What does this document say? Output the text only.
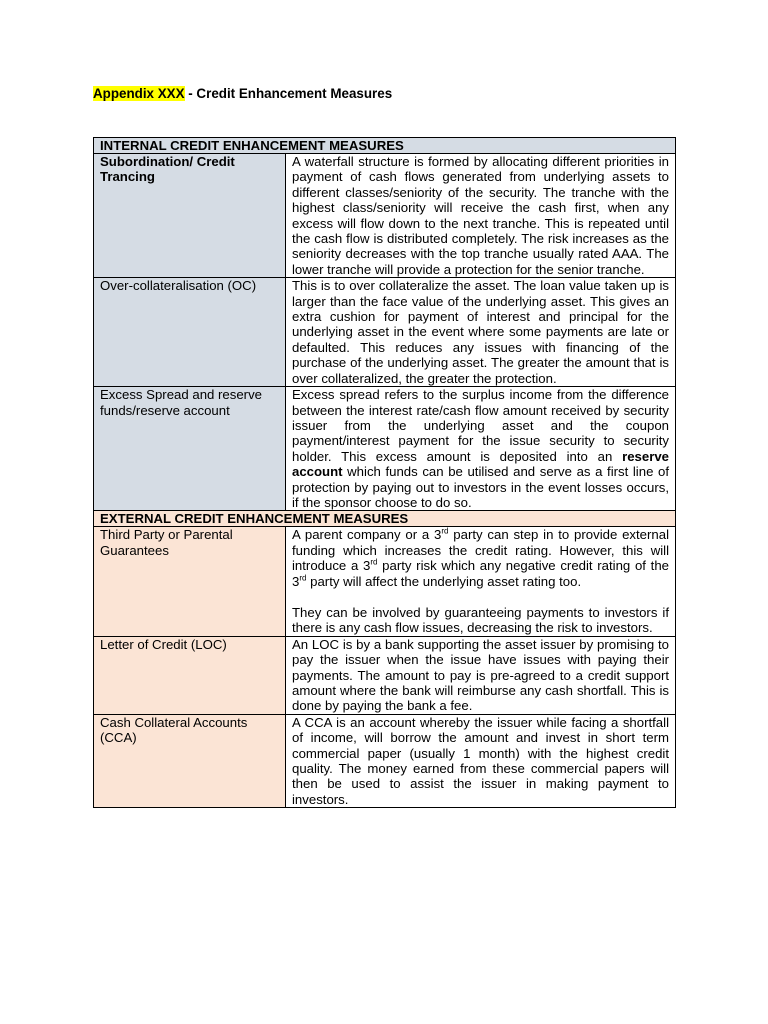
Appendix XXX - Credit Enhancement Measures
INTERNAL CREDIT ENHANCEMENT MEASURES	
Subordination/ Credit Trancing	A waterfall structure is formed by allocating different priorities in payment of cash flows generated from underlying assets to different classes/seniority of the security. The tranche with the highest class/seniority will receive the cash first, when any excess will flow down to the next tranche. This is repeated until the cash flow is distributed completely. The risk increases as the seniority decreases with the top tranche usually rated AAA. The lower tranche will provide a protection for the senior tranche.
Over-collateralisation (OC)	This is to over collateralize the asset. The loan value taken up is larger than the face value of the underlying asset. This gives an extra cushion for payment of interest and principal for the underlying asset in the event where some payments are late or defaulted. This reduces any issues with financing of the purchase of the underlying asset. The greater the amount that is over collateralized, the greater the protection.
Excess Spread and reserve funds/reserve account	Excess spread refers to the surplus income from the difference between the interest rate/cash flow amount received by security issuer from the underlying asset and the coupon payment/interest payment for the issue security to security holder. This excess amount is deposited into an reserve account which funds can be utilised and serve as a first line of protection by paying out to investors in the event losses occurs, if the sponsor choose to do so.
EXTERNAL CREDIT ENHANCEMENT MEASURES	
Third Party or Parental Guarantees	A parent company or a 3rd party can step in to provide external funding which increases the credit rating. However, this will introduce a 3rd party risk which any negative credit rating of the 3rd party will affect the underlying asset rating too.
They can be involved by guaranteeing payments to investors if there is any cash flow issues, decreasing the risk to investors.

Letter of Credit (LOC)	An LOC is by a bank supporting the asset issuer by promising to pay the issuer when the issue have issues with paying their payments. The amount to pay is pre-agreed to a credit support amount where the bank will reimburse any cash shortfall. This is done by paying the bank a fee.
Cash Collateral Accounts (CCA)	A CCA is an account whereby the issuer while facing a shortfall of income, will borrow the amount and invest in short term commercial paper (usually 1 month) with the highest credit quality. The money earned from these commercial papers will then be used to assist the issuer in making payment to investors.
